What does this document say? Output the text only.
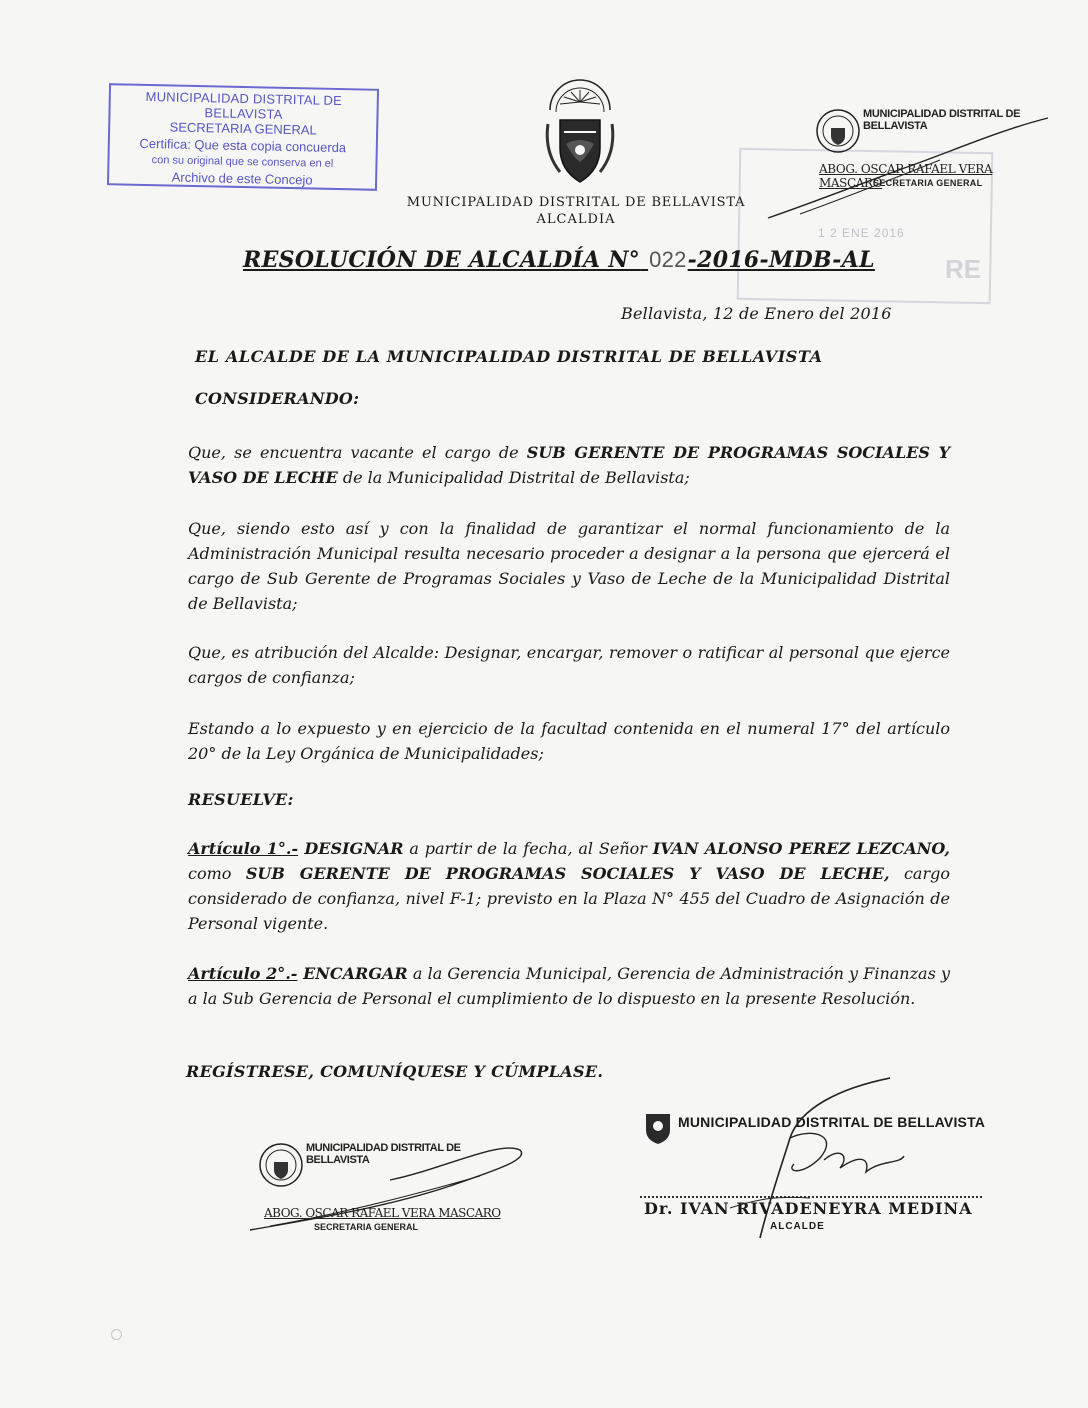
1 2 ENE 2016
RE
MUNICIPALIDAD DISTRITAL DE BELLAVISTA
SECRETARIA GENERAL
Certifica: Que esta copia concuerda
con su original que se conserva en el
Archivo de este Concejo
MUNICIPALIDAD DISTRITAL DE BELLAVISTA
ALCALDIA
MUNICIPALIDAD DISTRITAL DE BELLAVISTA
ABOG. OSCAR RAFAEL VERA MASCARO
SECRETARIA GENERAL
RESOLUCIÓN DE ALCALDÍA N° 022-2016-MDB-AL
Bellavista, 12 de Enero del 2016
EL ALCALDE DE LA MUNICIPALIDAD DISTRITAL DE BELLAVISTA
CONSIDERANDO:
Que, se encuentra vacante el cargo de SUB GERENTE DE PROGRAMAS SOCIALES Y VASO DE LECHE de la Municipalidad Distrital de Bellavista;
Que, siendo esto así y con la finalidad de garantizar el normal funcionamiento de la Administración Municipal resulta necesario proceder a designar a la persona que ejercerá el cargo de Sub Gerente de Programas Sociales y Vaso de Leche de la Municipalidad Distrital de Bellavista;
Que, es atribución del Alcalde: Designar, encargar, remover o ratificar al personal que ejerce cargos de confianza;
Estando a lo expuesto y en ejercicio de la facultad contenida en el numeral 17° del artículo 20° de la Ley Orgánica de Municipalidades;
RESUELVE:
Artículo 1°.- DESIGNAR a partir de la fecha, al Señor IVAN ALONSO PEREZ LEZCANO, como SUB GERENTE DE PROGRAMAS SOCIALES Y VASO DE LECHE, cargo considerado de confianza, nivel F-1; previsto en la Plaza N° 455 del Cuadro de Asignación de Personal vigente.
Artículo 2°.- ENCARGAR a la Gerencia Municipal, Gerencia de Administración y Finanzas y a la Sub Gerencia de Personal el cumplimiento de lo dispuesto en la presente Resolución.
REGÍSTRESE, COMUNÍQUESE Y CÚMPLASE.
MUNICIPALIDAD DISTRITAL DE BELLAVISTA
ABOG. OSCAR RAFAEL VERA MASCARO
SECRETARIA GENERAL
MUNICIPALIDAD DISTRITAL DE BELLAVISTA
Dr. IVAN RIVADENEYRA MEDINA
ALCALDE
